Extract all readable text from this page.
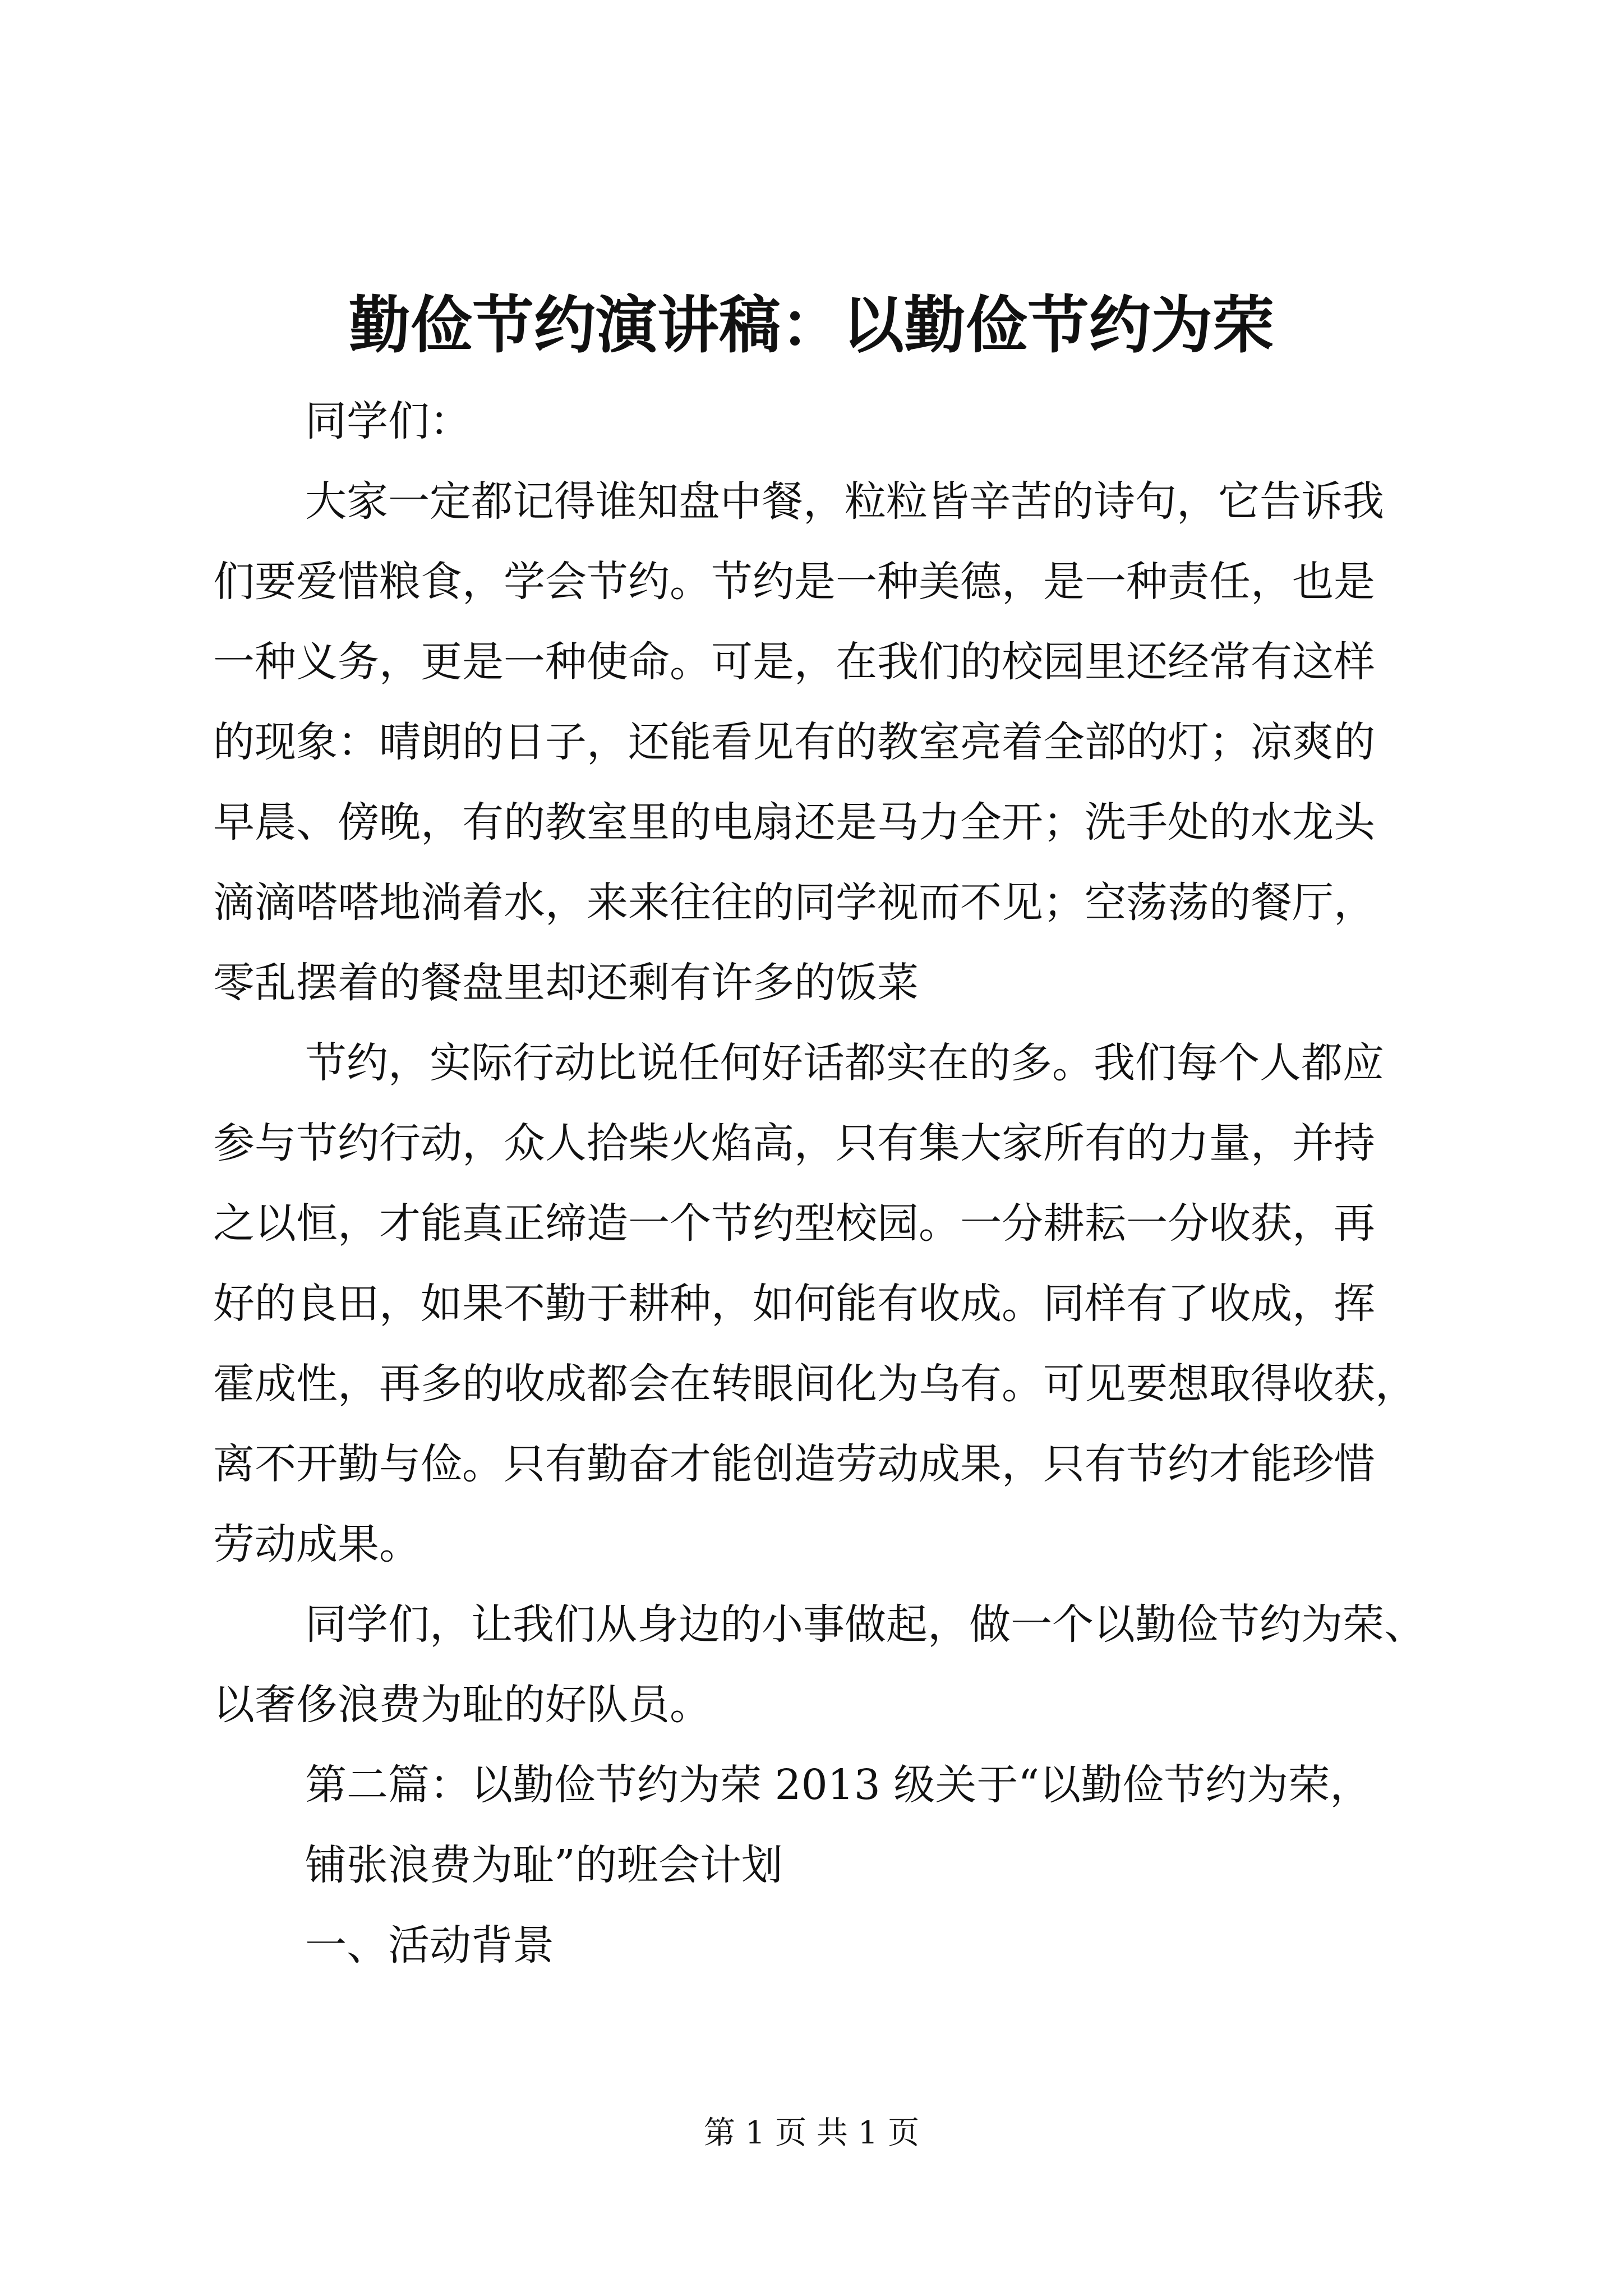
勤俭节约演讲稿：以勤俭节约为荣
同学们：
大家一定都记得谁知盘中餐，粒粒皆辛苦的诗句，它告诉我
们要爱惜粮食，学会节约。节约是一种美德，是一种责任，也是
一种义务，更是一种使命。可是，在我们的校园里还经常有这样
的现象：晴朗的日子，还能看见有的教室亮着全部的灯；凉爽的
早晨、傍晚，有的教室里的电扇还是马力全开；洗手处的水龙头
滴滴嗒嗒地淌着水，来来往往的同学视而不见；空荡荡的餐厅，
零乱摆着的餐盘里却还剩有许多的饭菜
节约，实际行动比说任何好话都实在的多。我们每个人都应
参与节约行动，众人拾柴火焰高，只有集大家所有的力量，并持
之以恒，才能真正缔造一个节约型校园。一分耕耘一分收获，再
好的良田，如果不勤于耕种，如何能有收成。同样有了收成，挥
霍成性，再多的收成都会在转眼间化为乌有。可见要想取得收获，
离不开勤与俭。只有勤奋才能创造劳动成果，只有节约才能珍惜
劳动成果。
同学们，让我们从身边的小事做起，做一个以勤俭节约为荣、
以奢侈浪费为耻的好队员。
第二篇：以勤俭节约为荣 2013 级关于“以勤俭节约为荣，
铺张浪费为耻”的班会计划
一、活动背景
第 1 页 共 1 页
